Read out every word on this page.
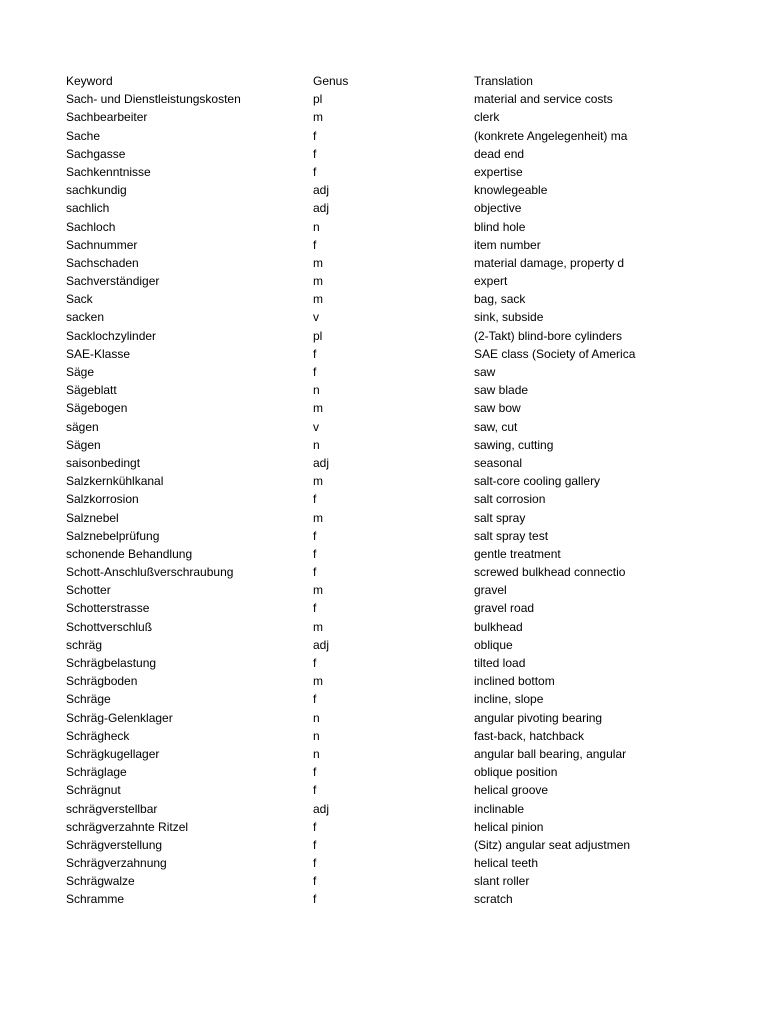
Keyword	Genus	Translation
Sach- und Dienstleistungskosten	pl	material and service costs
Sachbearbeiter	m	clerk
Sache	f	(konkrete Angelegenheit) ma
Sachgasse	f	dead end
Sachkenntnisse	f	expertise
sachkundig	adj	knowlegeable
sachlich	adj	objective
Sachloch	n	blind hole
Sachnummer	f	item number
Sachschaden	m	material damage, property d
Sachverständiger	m	expert
Sack	m	bag, sack
sacken	v	sink, subside
Sacklochzylinder	pl	(2-Takt) blind-bore cylinders
SAE-Klasse	f	SAE class (Society of America
Säge	f	saw
Sägeblatt	n	saw blade
Sägebogen	m	saw bow
sägen	v	saw, cut
Sägen	n	sawing, cutting
saisonbedingt	adj	seasonal
Salzkernkühlkanal	m	salt-core cooling gallery
Salzkorrosion	f	salt corrosion
Salznebel	m	salt spray
Salznebelprüfung	f	salt spray test
schonende Behandlung	f	gentle treatment
Schott-Anschlußverschraubung	f	screwed bulkhead connectio
Schotter	m	gravel
Schotterstrasse	f	gravel road
Schottverschluß	m	bulkhead
schräg	adj	oblique
Schrägbelastung	f	tilted load
Schrägboden	m	inclined bottom
Schräge	f	incline, slope
Schräg-Gelenklager	n	angular pivoting bearing
Schrägheck	n	fast-back, hatchback
Schrägkugellager	n	angular ball bearing, angular
Schräglage	f	oblique position
Schrägnut	f	helical groove
schrägverstellbar	adj	inclinable
schrägverzahnte Ritzel	f	helical pinion
Schrägverstellung	f	(Sitz) angular seat adjustmen
Schrägverzahnung	f	helical teeth
Schrägwalze	f	slant roller
Schramme	f	scratch
